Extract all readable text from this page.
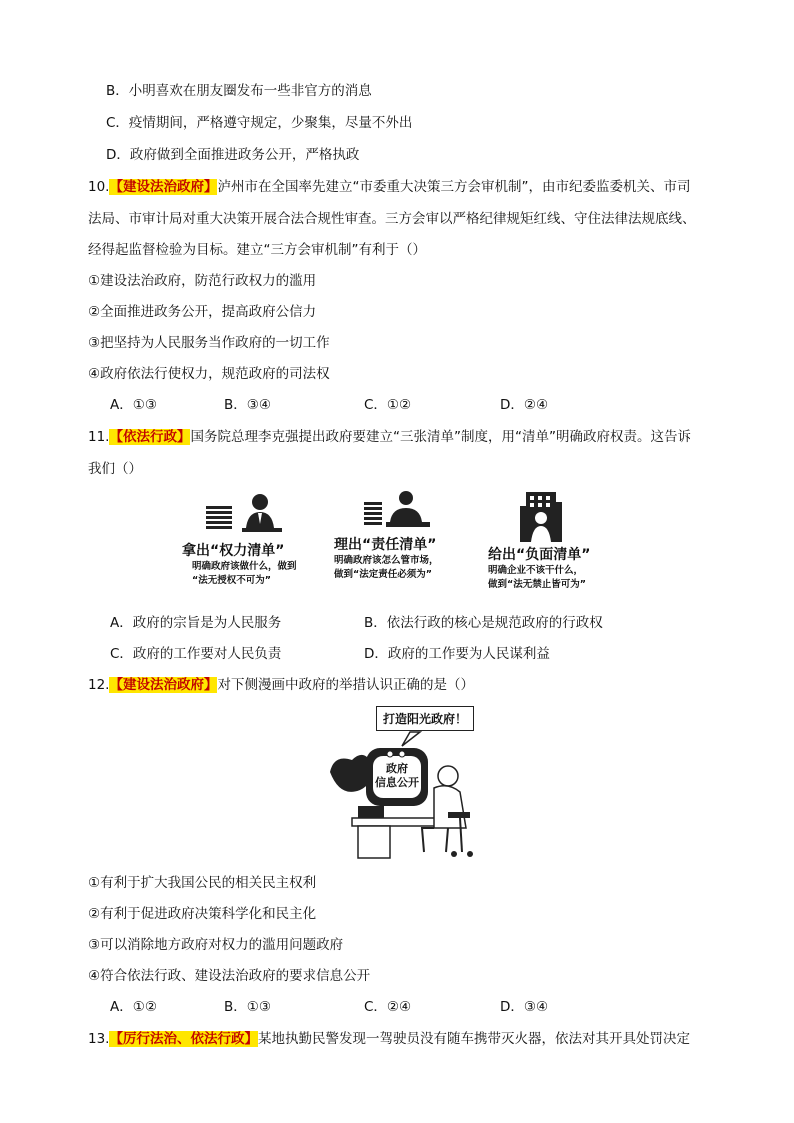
B．小明喜欢在朋友圈发布一些非官方的消息
C．疫情期间，严格遵守规定，少聚集，尽量不外出
D．政府做到全面推进政务公开，严格执政
10.【建设法治政府】泸州市在全国率先建立“市委重大决策三方会审机制”，由市纪委监委机关、市司
法局、市审计局对重大决策开展合法合规性审查。三方会审以严格纪律规矩红线、守住法律法规底线、
经得起监督检验为目标。建立“三方会审机制”有利于（）
①建设法治政府，防范行政权力的滥用
②全面推进政务公开，提高政府公信力
③把坚持为人民服务当作政府的一切工作
④政府依法行使权力，规范政府的司法权
A．①③	B．③④	C．①②	D．②④
11.【依法行政】国务院总理李克强提出政府要建立“三张清单”制度，用“清单”明确政府权责。这告诉
我们（）
拿出“权力清单”
明确政府该做什么，做到
“法无授权不可为”
理出“责任清单”
明确政府该怎么管市场，
做到“法定责任必须为”
给出“负面清单”
明确企业不该干什么，
做到“法无禁止皆可为”
A．政府的宗旨是为人民服务	B．依法行政的核心是规范政府的行政权
C．政府的工作要对人民负责	D．政府的工作要为人民谋利益
12.【建设法治政府】对下侧漫画中政府的举措认识正确的是（）
打造阳光政府！
政府
信息公开
①有利于扩大我国公民的相关民主权利
②有利于促进政府决策科学化和民主化
③可以消除地方政府对权力的滥用问题政府
④符合依法行政、建设法治政府的要求信息公开
A．①②	B．①③	C．②④	D．③④
13.【厉行法治、依法行政】某地执勤民警发现一驾驶员没有随车携带灭火器，依法对其开具处罚决定
